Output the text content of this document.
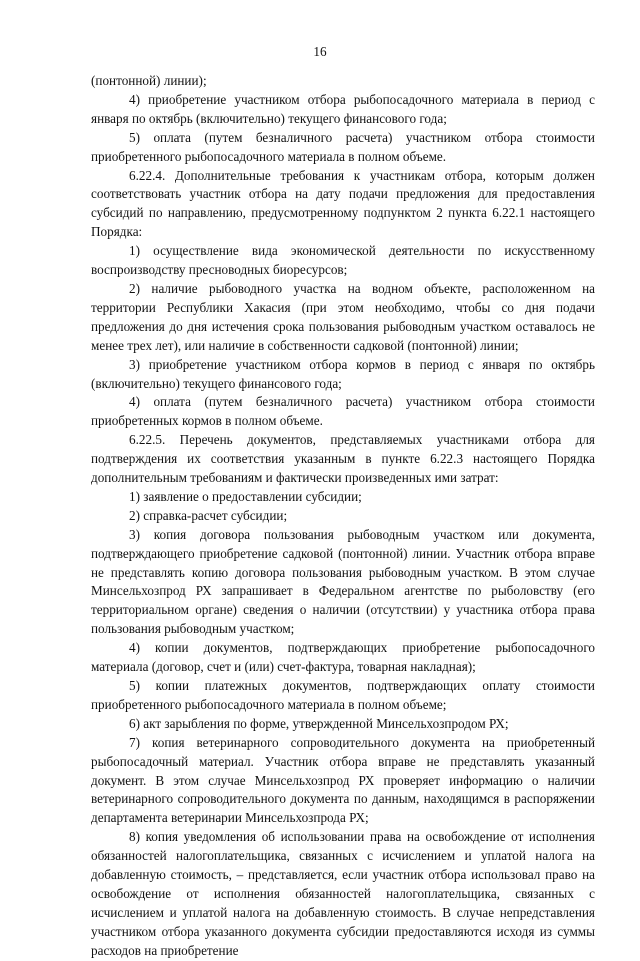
16

(понтонной) линии);

4) приобретение участником отбора рыбопосадочного материала в период с января по октябрь (включительно) текущего финансового года;

5) оплата (путем безналичного расчета) участником отбора стоимости приобретенного рыбопосадочного материала в полном объеме.

6.22.4. Дополнительные требования к участникам отбора, которым должен соответствовать участник отбора на дату подачи предложения для предоставления субсидий по направлению, предусмотренному подпунктом 2 пункта 6.22.1 настоящего Порядка:

1) осуществление вида экономической деятельности по искусственному воспроизводству пресноводных биоресурсов;

2) наличие рыбоводного участка на водном объекте, расположенном на территории Республики Хакасия (при этом необходимо, чтобы со дня подачи предложения до дня истечения срока пользования рыбоводным участком оставалось не менее трех лет), или наличие в собственности садковой (понтонной) линии;

3) приобретение участником отбора кормов в период с января по октябрь (включительно) текущего финансового года;

4) оплата (путем безналичного расчета) участником отбора стоимости приобретенных кормов в полном объеме.

6.22.5. Перечень документов, представляемых участниками отбора для подтверждения их соответствия указанным в пункте 6.22.3 настоящего Порядка дополнительным требованиям и фактически произведенных ими затрат:

1) заявление о предоставлении субсидии;

2) справка-расчет субсидии;

3) копия договора пользования рыбоводным участком или документа, подтверждающего приобретение садковой (понтонной) линии. Участник отбора вправе не представлять копию договора пользования рыбоводным участком. В этом случае Минсельхозпрод РХ запрашивает в Федеральном агентстве по рыболовству (его территориальном органе) сведения о наличии (отсутствии) у участника отбора права пользования рыбоводным участком;

4) копии документов, подтверждающих приобретение рыбопосадочного материала (договор, счет и (или) счет-фактура, товарная накладная);

5) копии платежных документов, подтверждающих оплату стоимости приобретенного рыбопосадочного материала в полном объеме;

6) акт зарыбления по форме, утвержденной Минсельхозпродом РХ;

7) копия ветеринарного сопроводительного документа на приобретенный рыбопосадочный материал. Участник отбора вправе не представлять указанный документ. В этом случае Минсельхозпрод РХ проверяет информацию о наличии ветеринарного сопроводительного документа по данным, находящимся в распоряжении департамента ветеринарии Минсельхозпрода РХ;

8) копия уведомления об использовании права на освобождение от исполнения обязанностей налогоплательщика, связанных с исчислением и уплатой налога на добавленную стоимость, – представляется, если участник отбора использовал право на освобождение от исполнения обязанностей налогоплательщика, связанных с исчислением и уплатой налога на добавленную стоимость. В случае непредставления участником отбора указанного документа субсидии предоставляются исходя из суммы расходов на приобретение
